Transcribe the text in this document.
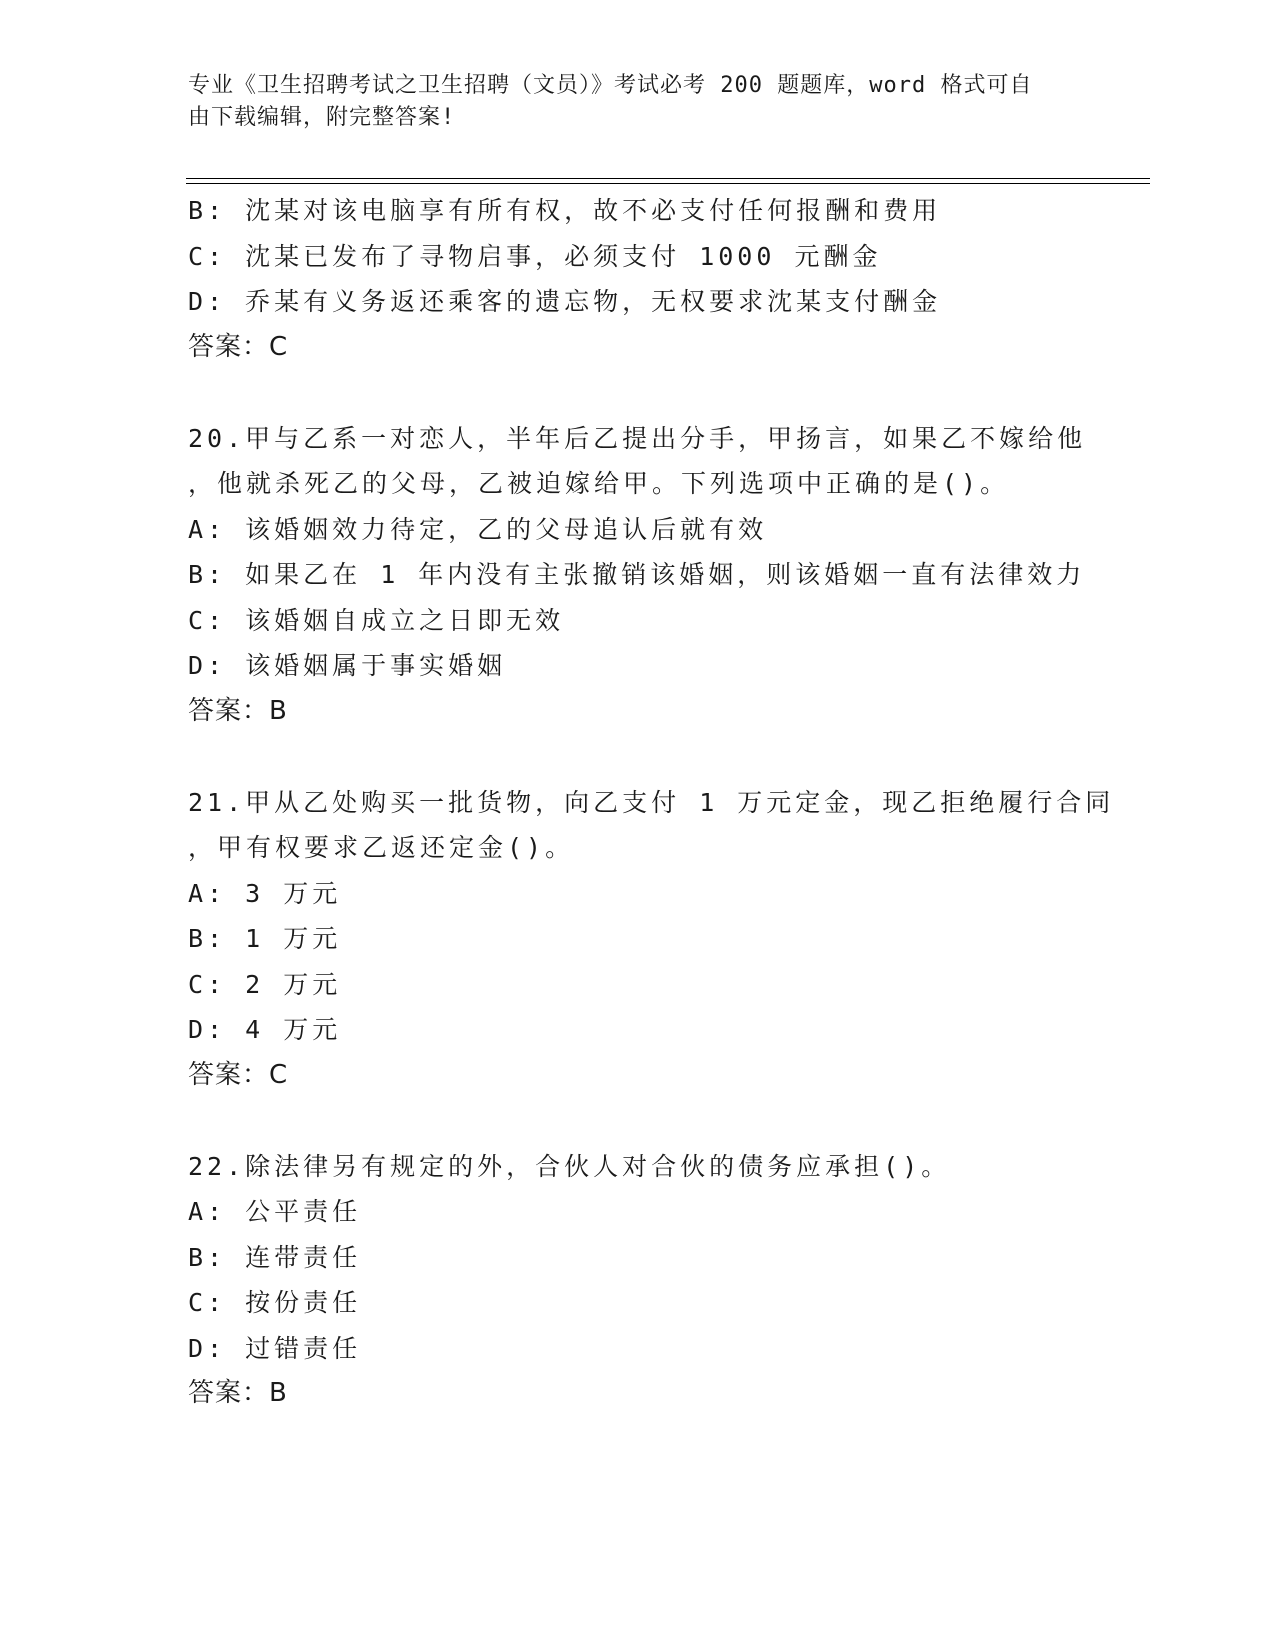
专业《卫生招聘考试之卫生招聘（文员）》考试必考 200 题题库，word 格式可自
由下载编辑，附完整答案!
B: 沈某对该电脑享有所有权，故不必支付任何报酬和费用
C: 沈某已发布了寻物启事，必须支付 1000 元酬金
D: 乔某有义务返还乘客的遗忘物，无权要求沈某支付酬金
答案：C
20.甲与乙系一对恋人，半年后乙提出分手，甲扬言，如果乙不嫁给他
，他就杀死乙的父母，乙被迫嫁给甲。下列选项中正确的是()。
A: 该婚姻效力待定，乙的父母追认后就有效
B: 如果乙在 1 年内没有主张撤销该婚姻，则该婚姻一直有法律效力
C: 该婚姻自成立之日即无效
D: 该婚姻属于事实婚姻
答案：B
21.甲从乙处购买一批货物，向乙支付 1 万元定金，现乙拒绝履行合同
，甲有权要求乙返还定金()。
A: 3 万元
B: 1 万元
C: 2 万元
D: 4 万元
答案：C
22.除法律另有规定的外，合伙人对合伙的债务应承担()。
A: 公平责任
B: 连带责任
C: 按份责任
D: 过错责任
答案：B
